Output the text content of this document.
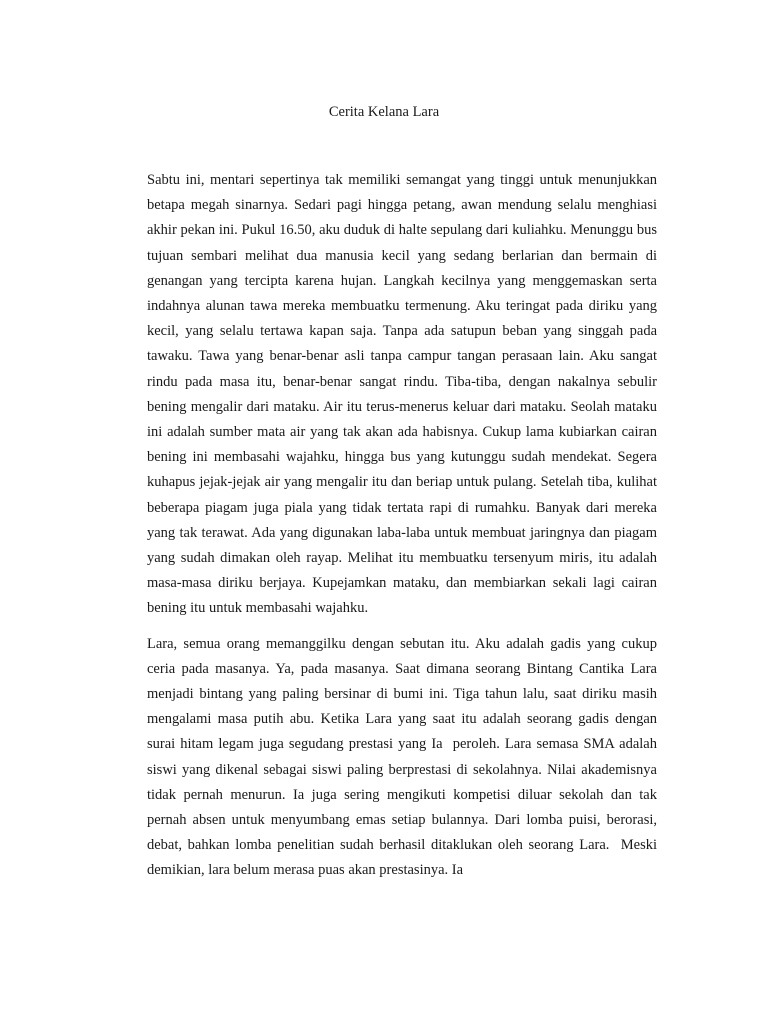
Cerita Kelana Lara

Sabtu ini, mentari sepertinya tak memiliki semangat yang tinggi untuk menunjukkan betapa megah sinarnya. Sedari pagi hingga petang, awan mendung selalu menghiasi akhir pekan ini. Pukul 16.50, aku duduk di halte sepulang dari kuliahku. Menunggu bus tujuan sembari melihat dua manusia kecil yang sedang berlarian dan bermain di genangan yang tercipta karena hujan. Langkah kecilnya yang menggemaskan serta indahnya alunan tawa mereka membuatku termenung. Aku teringat pada diriku yang kecil, yang selalu tertawa kapan saja. Tanpa ada satupun beban yang singgah pada tawaku. Tawa yang benar-benar asli tanpa campur tangan perasaan lain. Aku sangat rindu pada masa itu, benar-benar sangat rindu. Tiba-tiba, dengan nakalnya sebulir bening mengalir dari mataku. Air itu terus-menerus keluar dari mataku. Seolah mataku ini adalah sumber mata air yang tak akan ada habisnya. Cukup lama kubiarkan cairan bening ini membasahi wajahku, hingga bus yang kutunggu sudah mendekat. Segera kuhapus jejak-jejak air yang mengalir itu dan beriap untuk pulang. Setelah tiba, kulihat beberapa piagam juga piala yang tidak tertata rapi di rumahku. Banyak dari mereka yang tak terawat. Ada yang digunakan laba-laba untuk membuat jaringnya dan piagam yang sudah dimakan oleh rayap. Melihat itu membuatku tersenyum miris, itu adalah masa-masa diriku berjaya. Kupejamkan mataku, dan membiarkan sekali lagi cairan bening itu untuk membasahi wajahku.

Lara, semua orang memanggilku dengan sebutan itu. Aku adalah gadis yang cukup ceria pada masanya. Ya, pada masanya. Saat dimana seorang Bintang Cantika Lara menjadi bintang yang paling bersinar di bumi ini. Tiga tahun lalu, saat diriku masih mengalami masa putih abu. Ketika Lara yang saat itu adalah seorang gadis dengan surai hitam legam juga segudang prestasi yang Ia  peroleh. Lara semasa SMA adalah siswi yang dikenal sebagai siswi paling berprestasi di sekolahnya. Nilai akademisnya tidak pernah menurun. Ia juga sering mengikuti kompetisi diluar sekolah dan tak pernah absen untuk menyumbang emas setiap bulannya. Dari lomba puisi, berorasi, debat, bahkan lomba penelitian sudah berhasil ditaklukan oleh seorang Lara.  Meski demikian, lara belum merasa puas akan prestasinya. Ia
